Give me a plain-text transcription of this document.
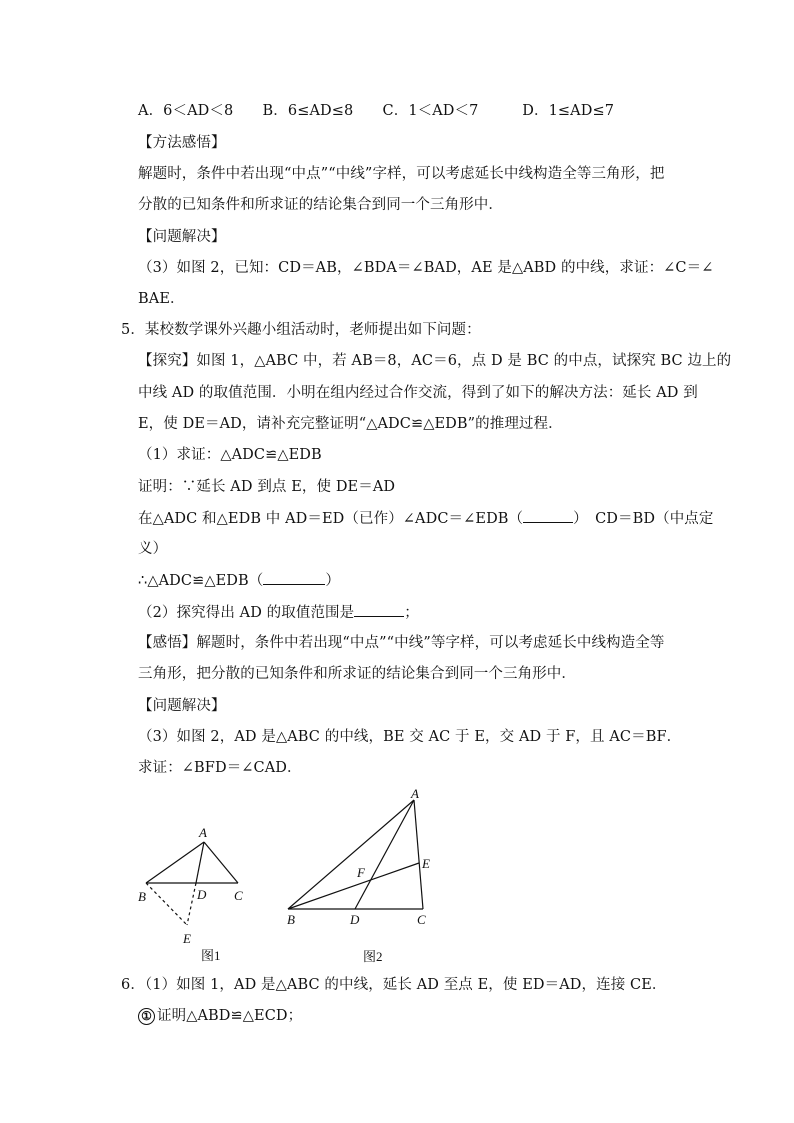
A．6＜AD＜8　　B．6≤AD≤8　　C．1＜AD＜7　　　D．1≤AD≤7
【方法感悟】
解题时，条件中若出现“中点”“中线”字样，可以考虑延长中线构造全等三角形，把
分散的已知条件和所求证的结论集合到同一个三角形中．
【问题解决】
（3）如图 2，已知：CD＝AB，∠BDA＝∠BAD，AE 是△ABD 的中线，求证：∠C＝∠
BAE．
5．某校数学课外兴趣小组活动时，老师提出如下问题：
【探究】如图 1，△ABC 中，若 AB＝8，AC＝6，点 D 是 BC 的中点，试探究 BC 边上的
中线 AD 的取值范围．小明在组内经过合作交流，得到了如下的解决方法：延长 AD 到
E，使 DE＝AD，请补充完整证明“△ADC≌△EDB”的推理过程．
（1）求证：△ADC≌△EDB
证明：∵延长 AD 到点 E，使 DE＝AD
在△ADC 和△EDB 中 AD＝ED（已作）∠ADC＝∠EDB（	）　CD＝BD（中点定
义）
∴△ADC≌△EDB（	）
（2）探究得出 AD 的取值范围是	；
【感悟】解题时，条件中若出现“中点”“中线”等字样，可以考虑延长中线构造全等
三角形，把分散的已知条件和所求证的结论集合到同一个三角形中．
【问题解决】
（3）如图 2，AD 是△ABC 的中线，BE 交 AC 于 E，交 AD 于 F，且 AC＝BF．
求证：∠BFD＝∠CAD．
A
B	D C
E
图1
A
E
F
B	D	C
图2
6．（1）如图 1，AD 是△ABC 的中线，延长 AD 至点 E，使 ED＝AD，连接 CE．
① 证明△ABD≌△ECD；
